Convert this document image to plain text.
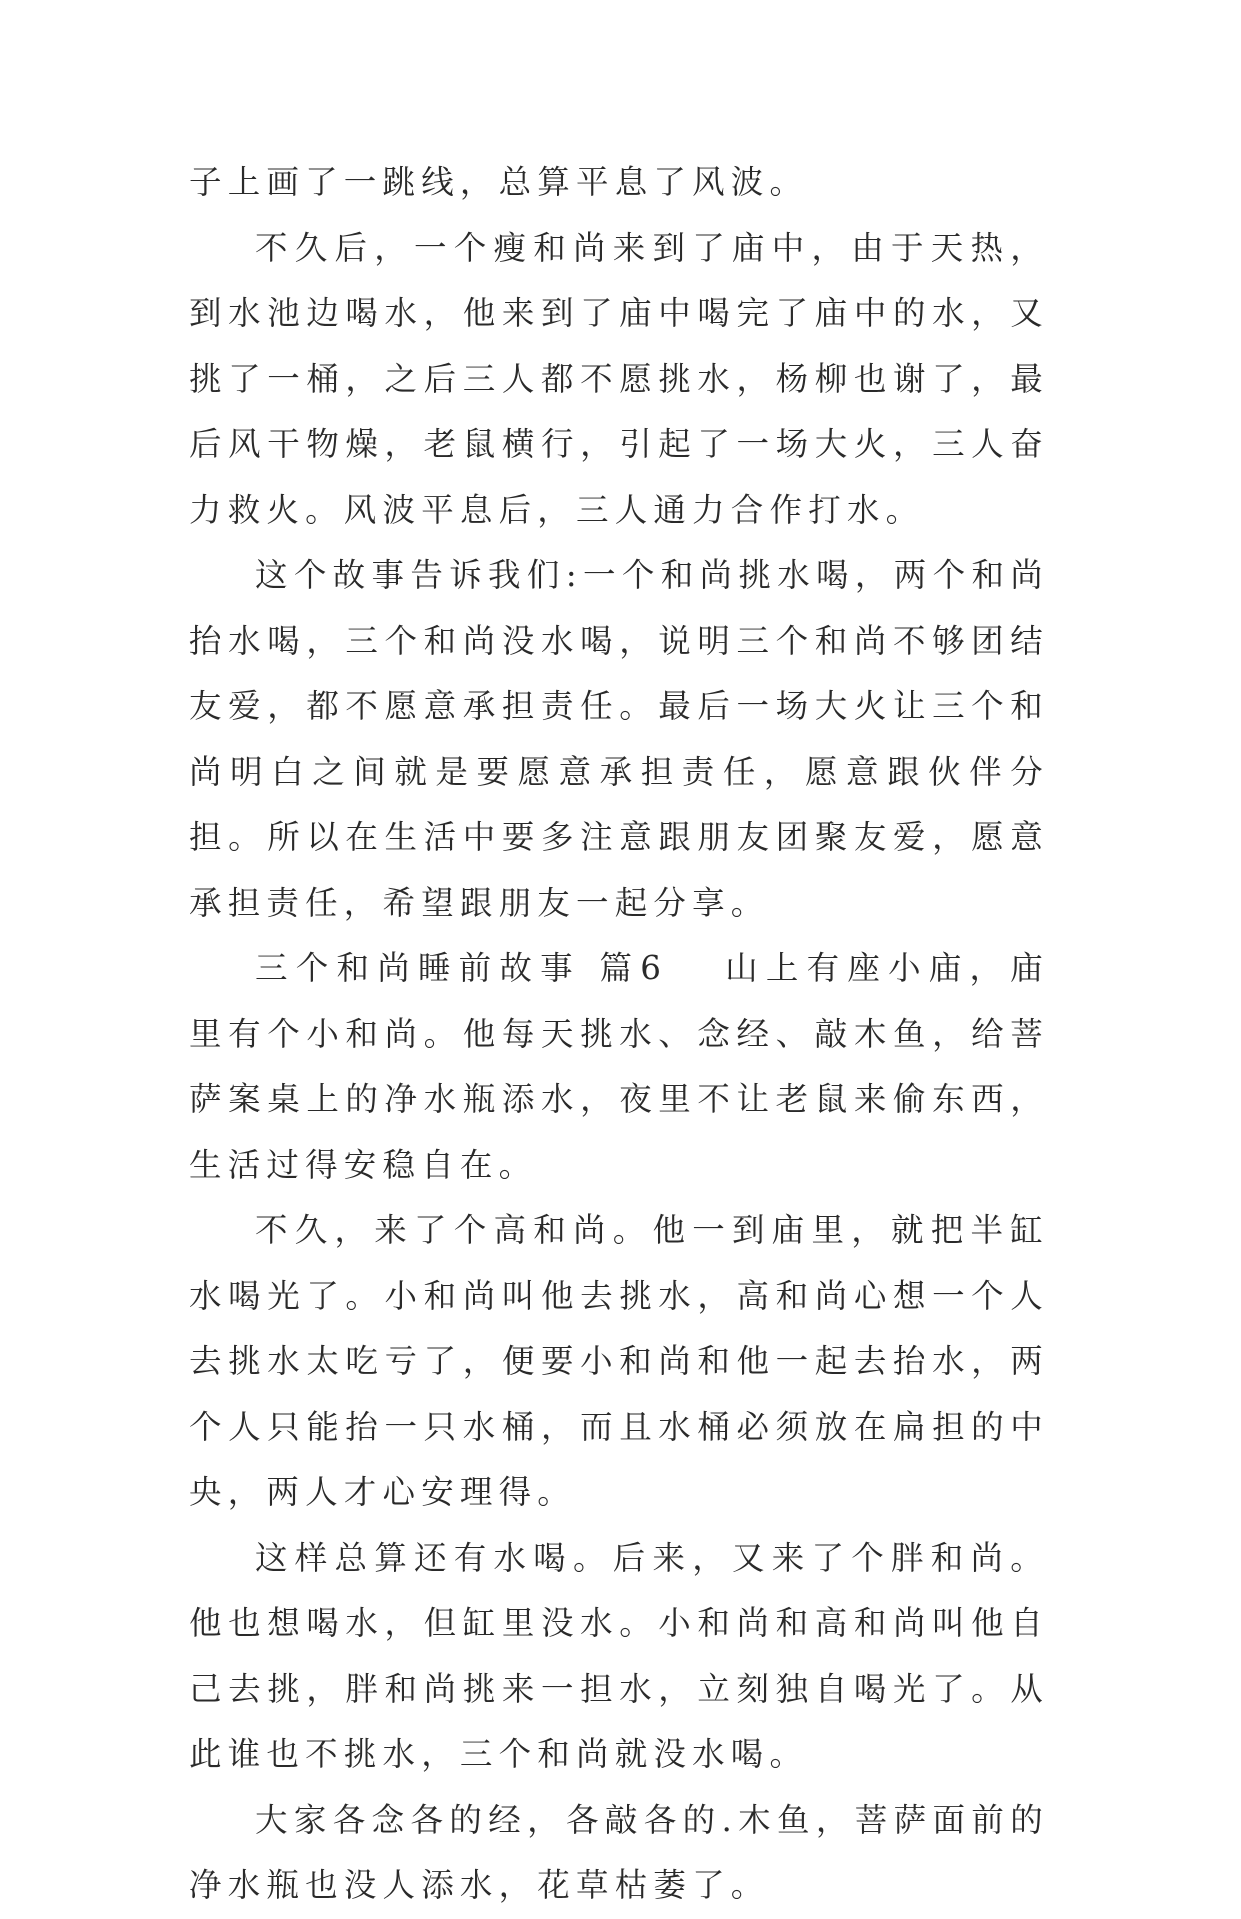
子上画了一跳线，总算平息了风波。

不久后，一个瘦和尚来到了庙中，由于天热，到水池边喝水，他来到了庙中喝完了庙中的水，又挑了一桶，之后三人都不愿挑水，杨柳也谢了，最后风干物燥，老鼠横行，引起了一场大火，三人奋力救火。风波平息后，三人通力合作打水。

这个故事告诉我们:一个和尚挑水喝，两个和尚抬水喝，三个和尚没水喝，说明三个和尚不够团结友爱，都不愿意承担责任。最后一场大火让三个和尚明白之间就是要愿意承担责任，愿意跟伙伴分担。所以在生活中要多注意跟朋友团聚友爱，愿意承担责任，希望跟朋友一起分享。

三个和尚睡前故事 篇6 山上有座小庙，庙里有个小和尚。他每天挑水、念经、敲木鱼，给菩萨案桌上的净水瓶添水，夜里不让老鼠来偷东西，生活过得安稳自在。

不久，来了个高和尚。他一到庙里，就把半缸水喝光了。小和尚叫他去挑水，高和尚心想一个人去挑水太吃亏了，便要小和尚和他一起去抬水，两个人只能抬一只水桶，而且水桶必须放在扁担的中央，两人才心安理得。

这样总算还有水喝。后来，又来了个胖和尚。他也想喝水，但缸里没水。小和尚和高和尚叫他自己去挑，胖和尚挑来一担水，立刻独自喝光了。从此谁也不挑水，三个和尚就没水喝。

大家各念各的经，各敲各的.木鱼，菩萨面前的净水瓶也没人添水，花草枯萎了。
